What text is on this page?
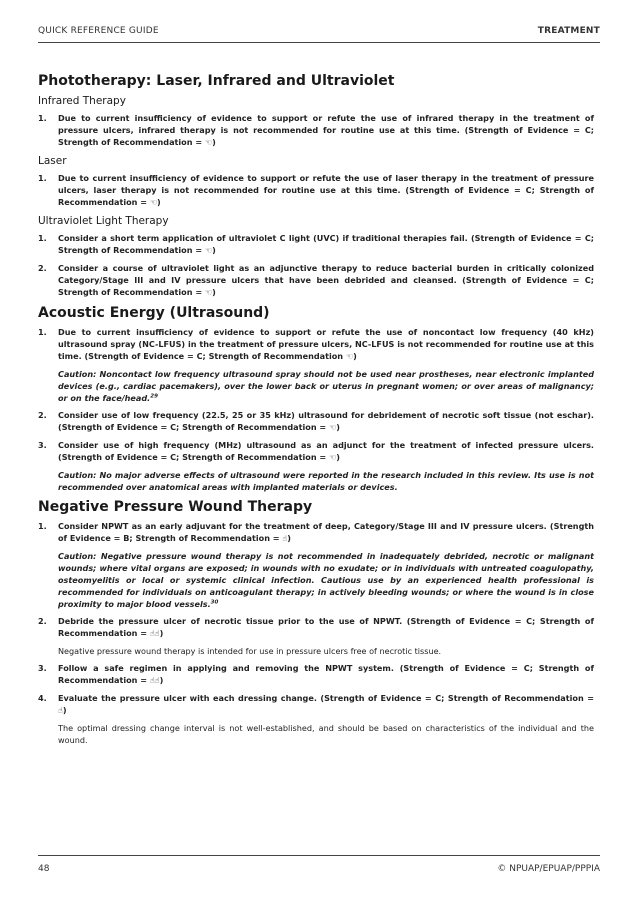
QUICK REFERENCE GUIDE	TREATMENT
Phototherapy: Laser, Infrared and Ultraviolet
Infrared Therapy
1.	Due to current insufficiency of evidence to support or refute the use of infrared therapy in the treatment of pressure ulcers, infrared therapy is not recommended for routine use at this time. (Strength of Evidence = C; Strength of Recommendation = ☜)
Laser
1.	Due to current insufficiency of evidence to support or refute the use of laser therapy in the treatment of pressure ulcers, laser therapy is not recommended for routine use at this time. (Strength of Evidence = C; Strength of Recommendation = ☜)
Ultraviolet Light Therapy
1.	Consider a short term application of ultraviolet C light (UVC) if traditional therapies fail. (Strength of Evidence = C; Strength of Recommendation = ☜)
2.	Consider a course of ultraviolet light as an adjunctive therapy to reduce bacterial burden in critically colonized Category/Stage III and IV pressure ulcers that have been debrided and cleansed. (Strength of Evidence = C; Strength of Recommendation = ☜)
Acoustic Energy (Ultrasound)
1.	Due to current insufficiency of evidence to support or refute the use of noncontact low frequency (40 kHz) ultrasound spray (NC-LFUS) in the treatment of pressure ulcers, NC-LFUS is not recommended for routine use at this time. (Strength of Evidence = C; Strength of Recommendation ☜)
Caution: Noncontact low frequency ultrasound spray should not be used near prostheses, near electronic implanted devices (e.g., cardiac pacemakers), over the lower back or uterus in pregnant women; or over areas of malignancy; or on the face/head.$^{29}$
2.	Consider use of low frequency (22.5, 25 or 35 kHz) ultrasound for debridement of necrotic soft tissue (not eschar). (Strength of Evidence = C; Strength of Recommendation = ☜)
3.	Consider use of high frequency (MHz) ultrasound as an adjunct for the treatment of infected pressure ulcers. (Strength of Evidence = C; Strength of Recommendation = ☜)
Caution: No major adverse effects of ultrasound were reported in the research included in this review. Its use is not recommended over anatomical areas with implanted materials or devices.
Negative Pressure Wound Therapy
1.	Consider NPWT as an early adjuvant for the treatment of deep, Category/Stage III and IV pressure ulcers. (Strength of Evidence = B; Strength of Recommendation = ☝)
Caution: Negative pressure wound therapy is not recommended in inadequately debrided, necrotic or malignant wounds; where vital organs are exposed; in wounds with no exudate; or in individuals with untreated coagulopathy, osteomyelitis or local or systemic clinical infection. Cautious use by an experienced health professional is recommended for individuals on anticoagulant therapy; in actively bleeding wounds; or where the wound is in close proximity to major blood vessels.$^{30}$
2.	Debride the pressure ulcer of necrotic tissue prior to the use of NPWT. (Strength of Evidence = C; Strength of Recommendation = ☝☝)
Negative pressure wound therapy is intended for use in pressure ulcers free of necrotic tissue.
3.	Follow a safe regimen in applying and removing the NPWT system. (Strength of Evidence = C; Strength of Recommendation = ☝☝)
4.	Evaluate the pressure ulcer with each dressing change. (Strength of Evidence = C; Strength of Recommendation = ☝)
The optimal dressing change interval is not well-established, and should be based on characteristics of the individual and the wound.
48	© NPUAP/EPUAP/PPPIA
